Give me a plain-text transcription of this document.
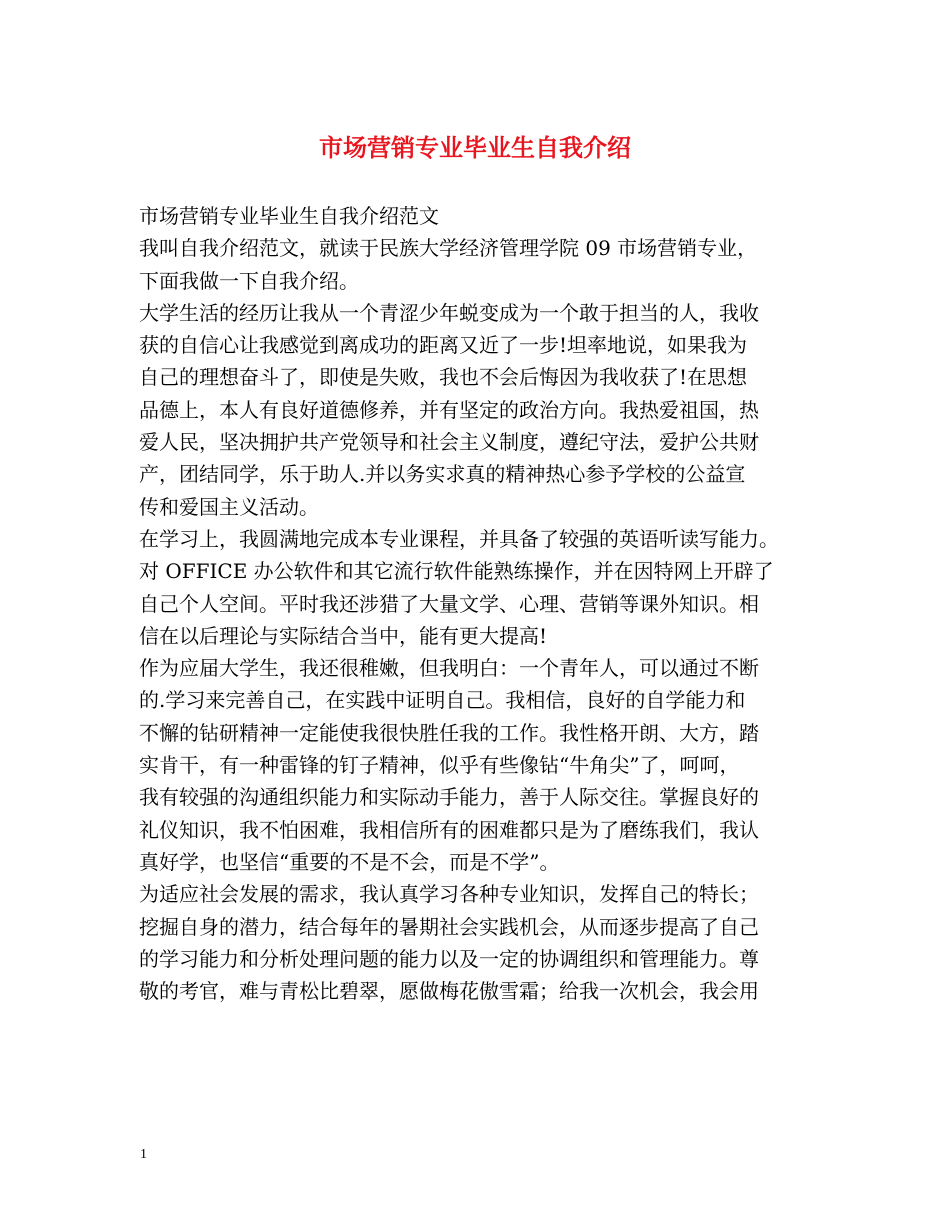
市场营销专业毕业生自我介绍
市场营销专业毕业生自我介绍范文
我叫自我介绍范文，就读于民族大学经济管理学院 09 市场营销专业，
下面我做一下自我介绍。
大学生活的经历让我从一个青涩少年蜕变成为一个敢于担当的人，我收
获的自信心让我感觉到离成功的距离又近了一步!坦率地说，如果我为
自己的理想奋斗了，即使是失败，我也不会后悔因为我收获了!在思想
品德上，本人有良好道德修养，并有坚定的政治方向。我热爱祖国，热
爱人民，坚决拥护共产党领导和社会主义制度，遵纪守法，爱护公共财
产，团结同学，乐于助人.并以务实求真的精神热心参予学校的公益宣
传和爱国主义活动。
在学习上，我圆满地完成本专业课程，并具备了较强的英语听读写能力。
对 OFFICE 办公软件和其它流行软件能熟练操作，并在因特网上开辟了
自己个人空间。平时我还涉猎了大量文学、心理、营销等课外知识。相
信在以后理论与实际结合当中，能有更大提高!
作为应届大学生，我还很稚嫩，但我明白：一个青年人，可以通过不断
的.学习来完善自己，在实践中证明自己。我相信，良好的自学能力和
不懈的钻研精神一定能使我很快胜任我的工作。我性格开朗、大方，踏
实肯干，有一种雷锋的钉子精神，似乎有些像钻“牛角尖”了，呵呵，
我有较强的沟通组织能力和实际动手能力，善于人际交往。掌握良好的
礼仪知识，我不怕困难，我相信所有的困难都只是为了磨练我们，我认
真好学，也坚信“重要的不是不会，而是不学”。
为适应社会发展的需求，我认真学习各种专业知识，发挥自己的特长；
挖掘自身的潜力，结合每年的暑期社会实践机会，从而逐步提高了自己
的学习能力和分析处理问题的能力以及一定的协调组织和管理能力。尊
敬的考官，难与青松比碧翠，愿做梅花傲雪霜；给我一次机会，我会用
1
